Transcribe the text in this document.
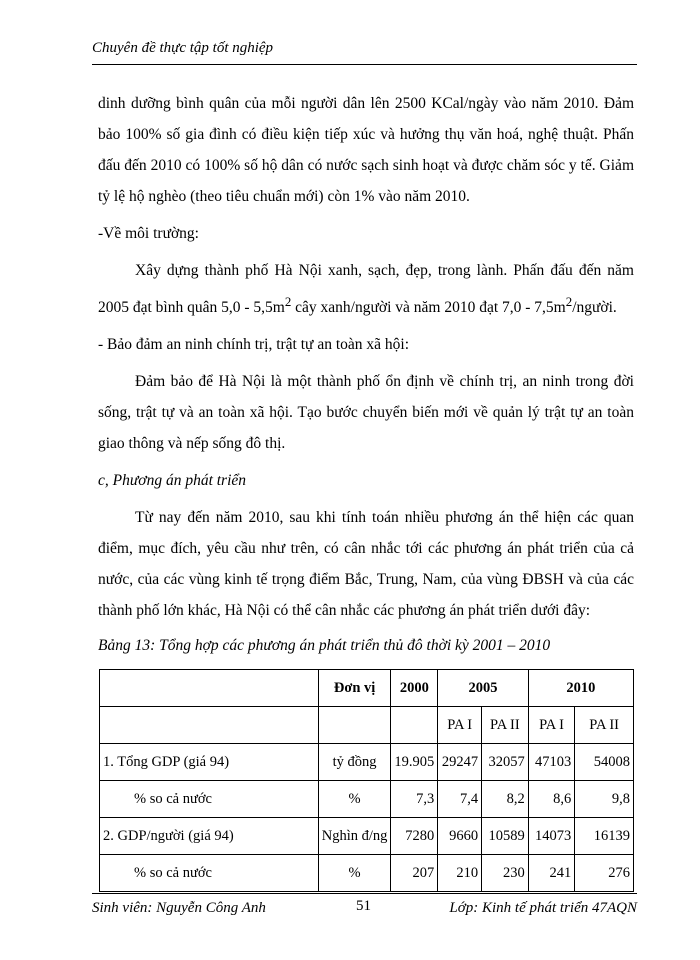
Chuyên đề thực tập tốt nghiệp

dinh dưỡng bình quân của mỗi người dân lên 2500 KCal/ngày vào năm 2010. Đảm bảo 100% số gia đình có điều kiện tiếp xúc và hưởng thụ văn hoá, nghệ thuật. Phấn đấu đến 2010 có 100% số hộ dân có nước sạch sinh hoạt và được chăm sóc y tế. Giảm tỷ lệ hộ nghèo (theo tiêu chuẩn mới) còn 1% vào năm 2010.

-Về môi trường:

Xây dựng thành phố Hà Nội xanh, sạch, đẹp, trong lành. Phấn đấu đến năm 2005 đạt bình quân $5,0 - 5,5m^2$ cây xanh/người và năm 2010 đạt $7,0 - 7,5m^2$/người.

- Bảo đảm an ninh chính trị, trật tự an toàn xã hội:

Đảm bảo để Hà Nội là một thành phố ổn định về chính trị, an ninh trong đời sống, trật tự và an toàn xã hội. Tạo bước chuyển biến mới về quản lý trật tự an toàn giao thông và nếp sống đô thị.

c, Phương án phát triển

Từ nay đến năm 2010, sau khi tính toán nhiều phương án thể hiện các quan điểm, mục đích, yêu cầu như trên, có cân nhắc tới các phương án phát triển của cả nước, của các vùng kinh tế trọng điểm Bắc, Trung, Nam, của vùng ĐBSH và của các thành phố lớn khác, Hà Nội có thể cân nhắc các phương án phát triển dưới đây:

Bảng 13: Tổng hợp các phương án phát triển thủ đô thời kỳ 2001 – 2010

	Đơn vị	2000	2005		2010	
			PA I	PA II	PA I	PA II
1. Tổng GDP (giá 94)	tỷ đồng	19.905	29247	32057	47103	54008
% so cả nước	%	7,3	7,4	8,2	8,6	9,8
2. GDP/người (giá 94)	Nghìn đ/ng	7280	9660	10589	14073	16139
% so cả nước	%	207	210	230	241	276
Sinh viên: Nguyễn Công Anh	51	Lớp: Kinh tế phát triển 47AQN
